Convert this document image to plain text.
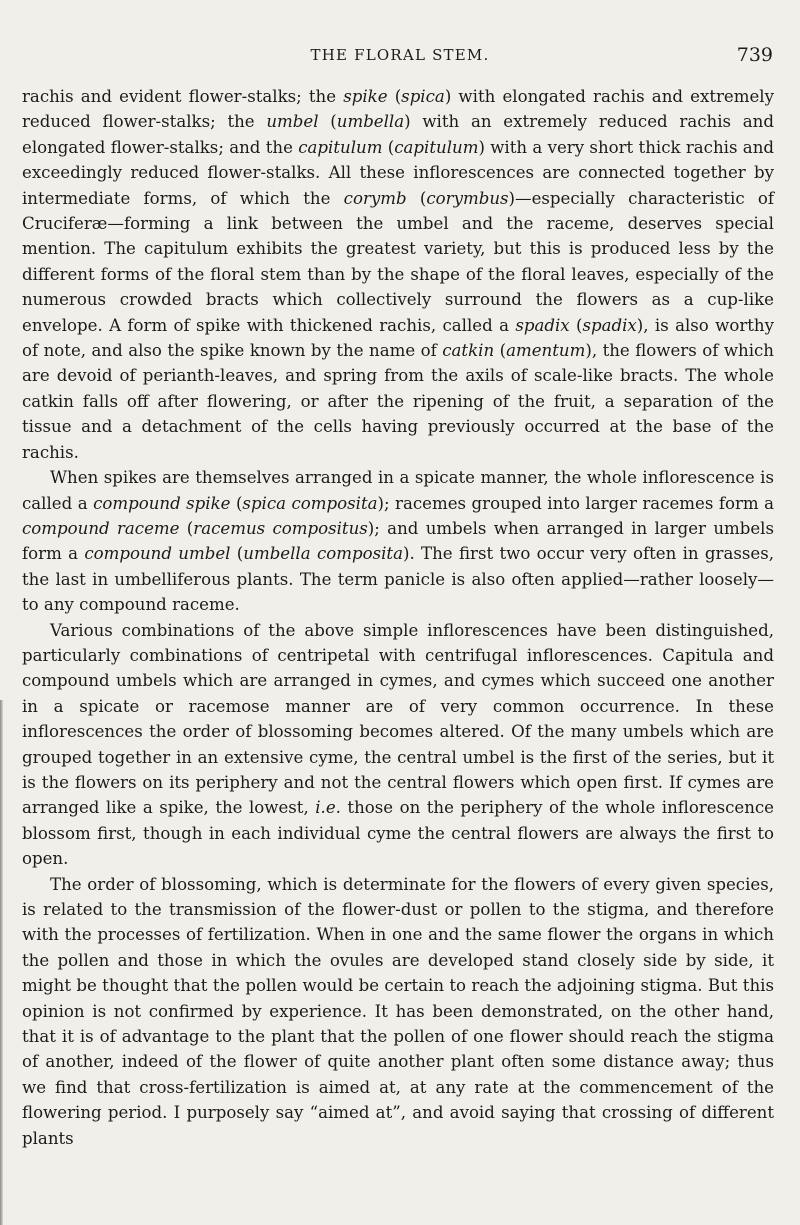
THE FLORAL STEM.	739

rachis and evident flower-stalks; the spike (spica) with elongated rachis and extremely reduced flower-stalks; the umbel (umbella) with an extremely reduced rachis and elongated flower-stalks; and the capitulum (capitulum) with a very short thick rachis and exceedingly reduced flower-stalks. All these inflorescences are connected together by intermediate forms, of which the corymb (corymbus)—especially characteristic of Cruciferæ—forming a link between the umbel and the raceme, deserves special mention. The capitulum exhibits the greatest variety, but this is produced less by the different forms of the floral stem than by the shape of the floral leaves, especially of the numerous crowded bracts which collectively surround the flowers as a cup-like envelope. A form of spike with thickened rachis, called a spadix (spadix), is also worthy of note, and also the spike known by the name of catkin (amentum), the flowers of which are devoid of perianth-leaves, and spring from the axils of scale-like bracts. The whole catkin falls off after flowering, or after the ripening of the fruit, a separation of the tissue and a detachment of the cells having previously occurred at the base of the rachis.

When spikes are themselves arranged in a spicate manner, the whole inflorescence is called a compound spike (spica composita); racemes grouped into larger racemes form a compound raceme (racemus compositus); and umbels when arranged in larger umbels form a compound umbel (umbella composita). The first two occur very often in grasses, the last in umbelliferous plants. The term panicle is also often applied—rather loosely—to any compound raceme.

Various combinations of the above simple inflorescences have been distinguished, particularly combinations of centripetal with centrifugal inflorescences. Capitula and compound umbels which are arranged in cymes, and cymes which succeed one another in a spicate or racemose manner are of very common occurrence. In these inflorescences the order of blossoming becomes altered. Of the many umbels which are grouped together in an extensive cyme, the central umbel is the first of the series, but it is the flowers on its periphery and not the central flowers which open first. If cymes are arranged like a spike, the lowest, i.e. those on the periphery of the whole inflorescence blossom first, though in each individual cyme the central flowers are always the first to open.

The order of blossoming, which is determinate for the flowers of every given species, is related to the transmission of the flower-dust or pollen to the stigma, and therefore with the processes of fertilization. When in one and the same flower the organs in which the pollen and those in which the ovules are developed stand closely side by side, it might be thought that the pollen would be certain to reach the adjoining stigma. But this opinion is not confirmed by experience. It has been demonstrated, on the other hand, that it is of advantage to the plant that the pollen of one flower should reach the stigma of another, indeed of the flower of quite another plant often some distance away; thus we find that cross-fertilization is aimed at, at any rate at the commencement of the flowering period. I purposely say “aimed at”, and avoid saying that crossing of different plants
